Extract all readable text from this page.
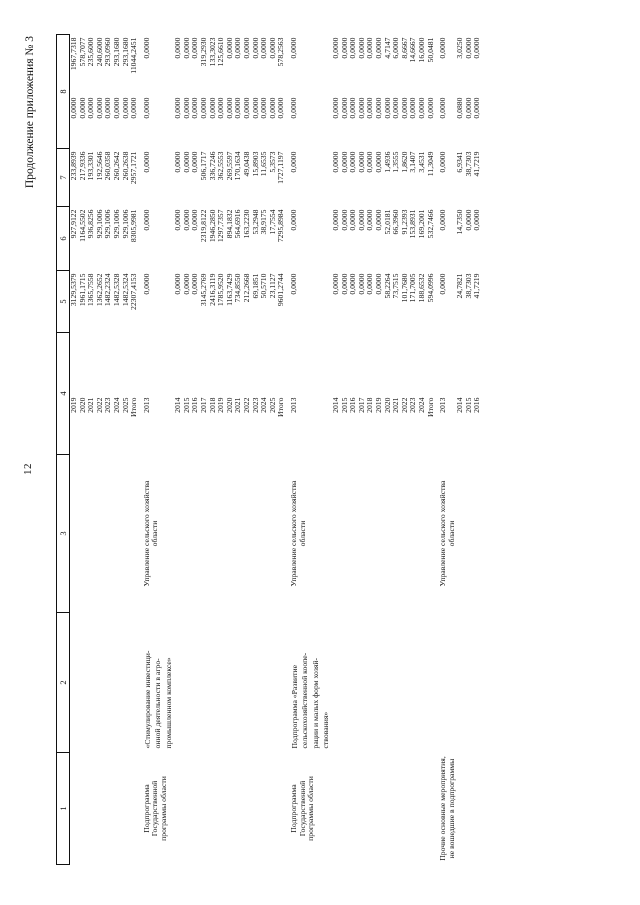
12
Продолжение приложения № 3
1	2	3	4		5	6	7	8	
			2019	3129,5379		927,9122	233,8939	0,0000	1967,7318
			2020	1961,1715		1164,5502	217,9336	0,0000	578,7077
			2021	1365,7558		936,8256	193,3301	0,0000	235,6000
			2022	1362,2652		929,1006	192,5646	0,0000	240,6000
			2023	1482,2324		929,1006	260,0358	0,0000	293,0960
			2024	1482,5328		929,1006	260,2642	0,0000	293,1680
			2025	1482,5324		929,1006	260,2638	0,0000	293,1680
			Итого	22307,4153		8305,9981	2957,1721	0,0000	11044,2451

Подпрограмма Государственной программы области	«Стимулирование инвестици- онной деятельности в агро- промышленном комплексе»	Управление сельского хозяйства области	2013	0,0000		0,0000	0,0000	0,0000	0,0000
			2014	0,0000		0,0000	0,0000	0,0000	0,0000
			2015	0,0000		0,0000	0,0000	0,0000	0,0000
			2016	0,0000		0,0000	0,0000	0,0000	0,0000
			2017	3145,2769		2319,8122	506,1717	0,0000	319,2930
			2018	2416,3119		1946,2850	336,7246	0,0000	133,3023
			2019	1785,9520		1297,7357	362,5553	0,0000	125,6610
			2020	1163,7429		894,1832	269,5597	0,0000	0,0000
			2021	734,8550		564,6916	170,1634	0,0000	0,0000
			2022	212,2668		163,2230	49,0438	0,0000	0,0000
			2023	69,1851		53,2948	15,8903	0,0000	0,0000
			2024	50,5710		38,9175	11,6535	0,0000	0,0000
			2025	23,1127		17,7554	5,3573	0,0000	0,0000
			Итого	9601,2744		7295,8984	1727,1197	0,0000	578,2563

Подпрограмма Государственной программы области	Подпрограмма «Развитие сельскохозяйственной коопе- рации и малых форм хозяй- ствования»	Управление сельского хозяйства области	2013	0,0000		0,0000	0,0000	0,0000	0,0000
			2014	0,0000		0,0000	0,0000	0,0000	0,0000
			2015	0,0000		0,0000	0,0000	0,0000	0,0000
			2016	0,0000		0,0000	0,0000	0,0000	0,0000
			2017	0,0000		0,0000	0,0000	0,0000	0,0000
			2018	0,0000		0,0000	0,0000	0,0000	0,0000
			2019	0,0000		0,0000	0,0000	0,0000	0,0000
			2020	58,2264		52,0181	1,4936	0,0000	4,7147
			2021	73,7515		66,3960	1,3555	0,0000	6,0000
			2022	101,7680		91,2393	1,8620	0,0000	8,6667
			2023	171,7005		153,8931	3,1407	0,0000	14,6667
			2024	188,6532		169,2001	3,4531	0,0000	16,0000
			Итого	594,0996		532,7466	11,3049	0,0000	50,0481

Прочие основные мероприятия, не вошедшие в подпрограммы		Управление сельского хозяйства области	2013	0,0000		0,0000	0,0000	0,0000	0,0000
			2014	24,7821		14,7350	6,9341	0,0880	3,0250
			2015	38,7303		0,0000	38,7303	0,0000	0,0000
			2016	41,7219		0,0000	41,7219	0,0000	0,0000
